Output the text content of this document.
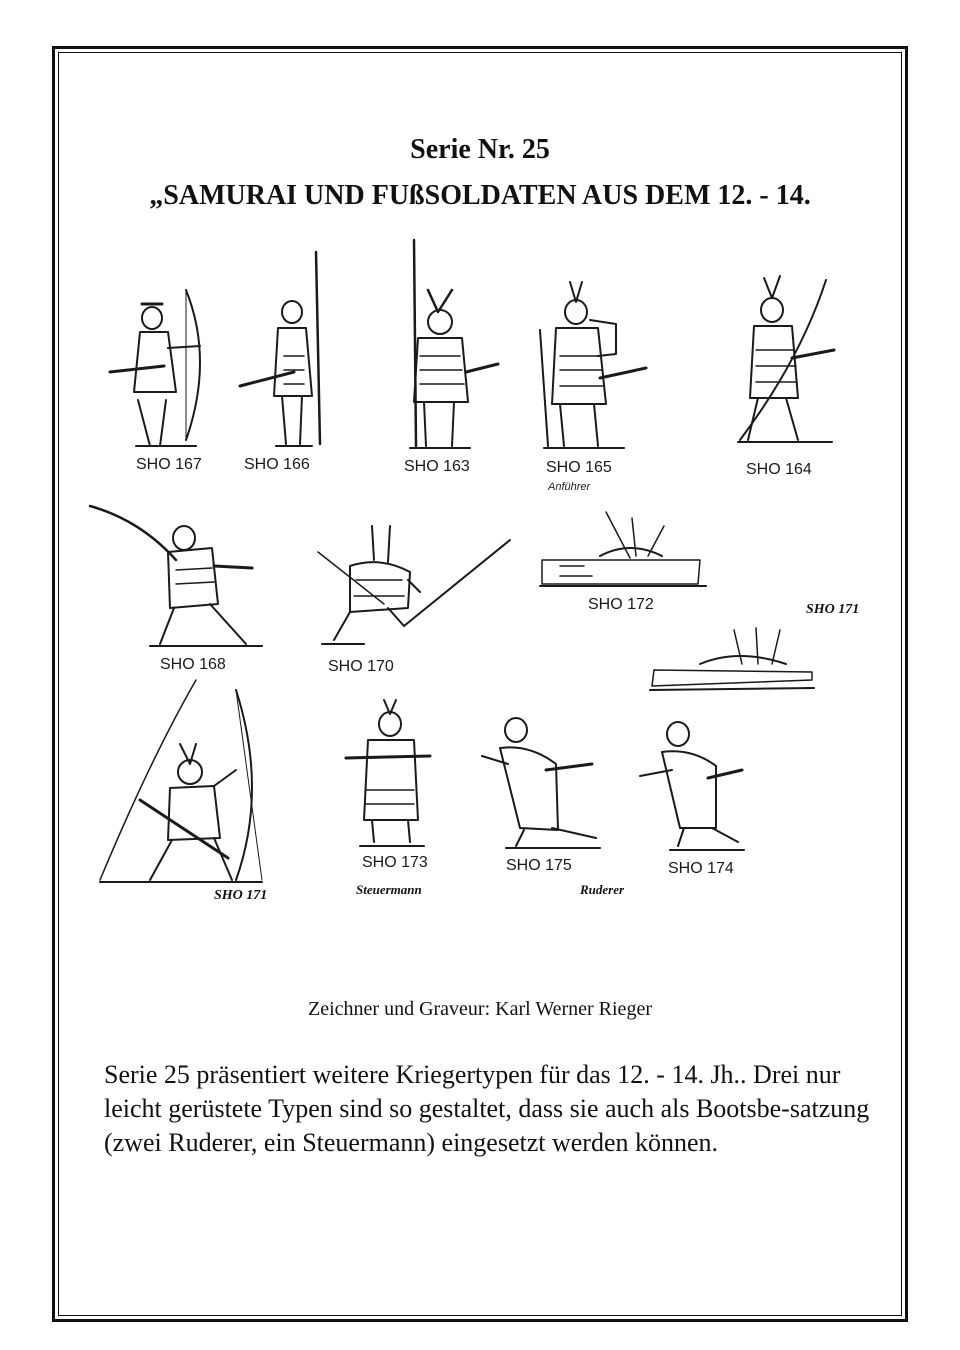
Serie Nr. 25
„SAMURAI UND FUßSOLDATEN AUS DEM 12. - 14.
SHO 167	SHO 166	SHO 163	SHO 165
Anführer
SHO 164
SHO 168	SHO 170
SHO 172	SHO 171
SHO 171
SHO 173	SHO 175	SHO 174
Steuermann	Ruderer
Zeichner und Graveur: Karl Werner Rieger
Serie 25 präsentiert weitere Kriegertypen für das 12. - 14. Jh.. Drei nur leicht gerüstete Typen sind so gestaltet, dass sie auch als Bootsbe-satzung (zwei Ruderer, ein Steuermann) eingesetzt werden können.
